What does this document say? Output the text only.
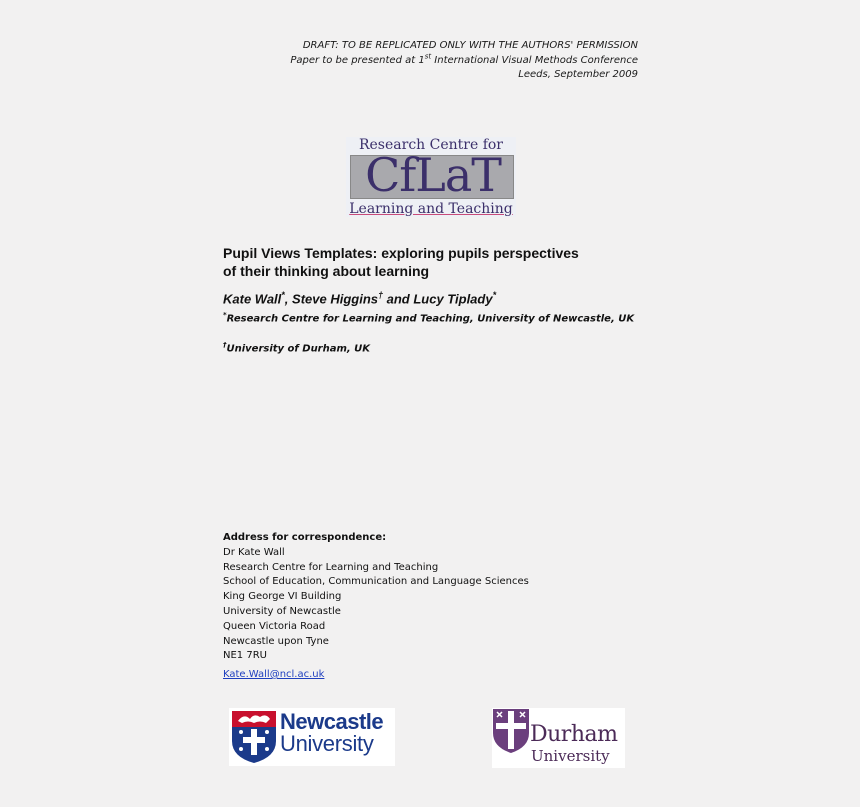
DRAFT: TO BE REPLICATED ONLY WITH THE AUTHORS' PERMISSION
Paper to be presented at 1st International Visual Methods Conference
Leeds, September 2009
Research Centre for
CfLaT
Learning and Teaching
Pupil Views Templates: exploring pupils perspectives
of their thinking about learning
Kate Wall*, Steve Higgins† and Lucy Tiplady*
*Research Centre for Learning and Teaching, University of Newcastle, UK
†University of Durham, UK
Address for correspondence:
Dr Kate Wall
Research Centre for Learning and Teaching
School of Education, Communication and Language Sciences
King George VI Building
University of Newcastle
Queen Victoria Road
Newcastle upon Tyne
NE1 7RU
Kate.Wall@ncl.ac.uk
Newcastle
University	Durham
University
